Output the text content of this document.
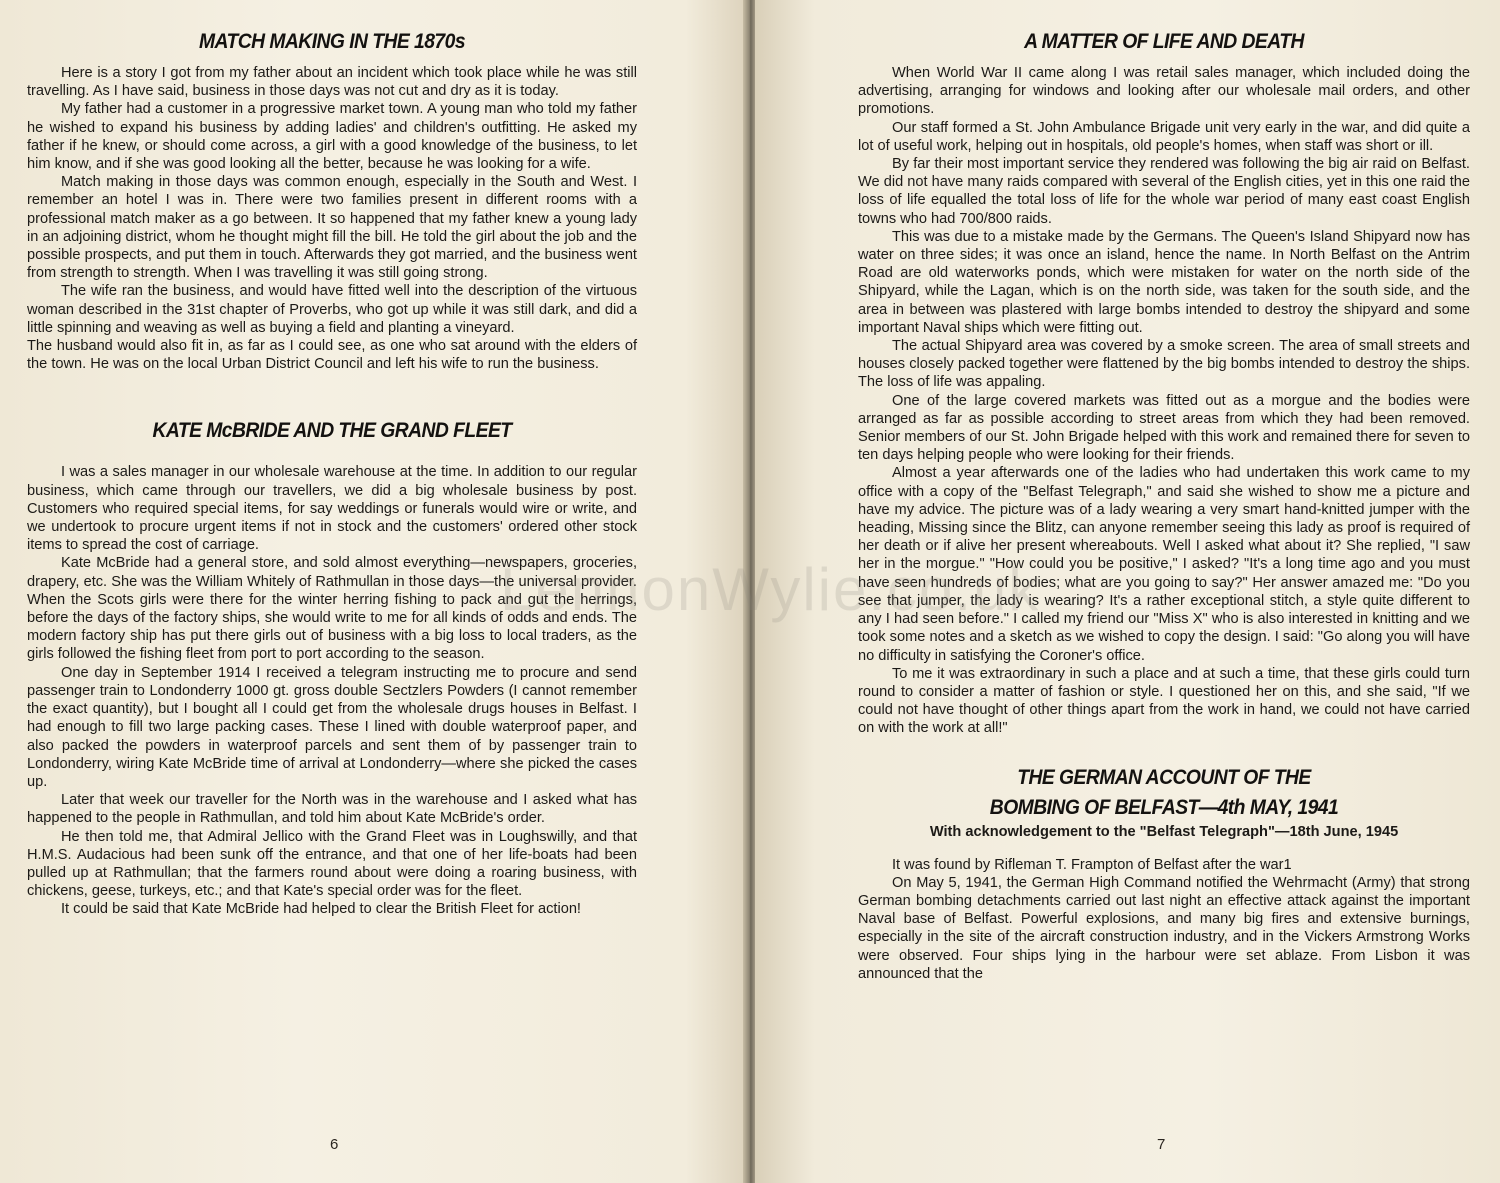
MATCH MAKING IN THE 1870s

Here is a story I got from my father about an incident which took place while he was still travelling. As I have said, business in those days was not cut and dry as it is today.

My father had a customer in a progressive market town. A young man who told my father he wished to expand his business by adding ladies' and children's outfitting. He asked my father if he knew, or should come across, a girl with a good knowledge of the business, to let him know, and if she was good looking all the better, because he was looking for a wife.

Match making in those days was common enough, especially in the South and West. I remember an hotel I was in. There were two families present in different rooms with a professional match maker as a go between. It so happened that my father knew a young lady in an adjoining district, whom he thought might fill the bill. He told the girl about the job and the possible prospects, and put them in touch. Afterwards they got married, and the business went from strength to strength. When I was travelling it was still going strong.

The wife ran the business, and would have fitted well into the description of the virtuous woman described in the 31st chapter of Proverbs, who got up while it was still dark, and did a little spinning and weaving as well as buying a field and planting a vineyard.

The husband would also fit in, as far as I could see, as one who sat around with the elders of the town. He was on the local Urban District Council and left his wife to run the business.

KATE McBRIDE AND THE GRAND FLEET

I was a sales manager in our wholesale warehouse at the time. In addition to our regular business, which came through our travellers, we did a big wholesale business by post. Customers who required special items, for say weddings or funerals would wire or write, and we undertook to procure urgent items if not in stock and the customers' ordered other stock items to spread the cost of carriage.

Kate McBride had a general store, and sold almost everything—newspapers, groceries, drapery, etc. She was the William Whitely of Rathmullan in those days—the universal provider. When the Scots girls were there for the winter herring fishing to pack and gut the herrings, before the days of the factory ships, she would write to me for all kinds of odds and ends. The modern factory ship has put there girls out of business with a big loss to local traders, as the girls followed the fishing fleet from port to port according to the season.

One day in September 1914 I received a telegram instructing me to procure and send passenger train to Londonderry 1000 gt. gross double Sectzlers Powders (I cannot remember the exact quantity), but I bought all I could get from the wholesale drugs houses in Belfast. I had enough to fill two large packing cases. These I lined with double waterproof paper, and also packed the powders in waterproof parcels and sent them of by passenger train to Londonderry, wiring Kate McBride time of arrival at Londonderry—where she picked the cases up.

Later that week our traveller for the North was in the warehouse and I asked what has happened to the people in Rathmullan, and told him about Kate McBride's order.

He then told me, that Admiral Jellico with the Grand Fleet was in Loughswilly, and that H.M.S. Audacious had been sunk off the entrance, and that one of her life-boats had been pulled up at Rathmullan; that the farmers round about were doing a roaring business, with chickens, geese, turkeys, etc.; and that Kate's special order was for the fleet.

It could be said that Kate McBride had helped to clear the British Fleet for action!

6
A MATTER OF LIFE AND DEATH

When World War II came along I was retail sales manager, which included doing the advertising, arranging for windows and looking after our wholesale mail orders, and other promotions.

Our staff formed a St. John Ambulance Brigade unit very early in the war, and did quite a lot of useful work, helping out in hospitals, old people's homes, when staff was short or ill.

By far their most important service they rendered was following the big air raid on Belfast. We did not have many raids compared with several of the English cities, yet in this one raid the loss of life equalled the total loss of life for the whole war period of many east coast English towns who had 700/800 raids.

This was due to a mistake made by the Germans. The Queen's Island Shipyard now has water on three sides; it was once an island, hence the name. In North Belfast on the Antrim Road are old waterworks ponds, which were mistaken for water on the north side of the Shipyard, while the Lagan, which is on the north side, was taken for the south side, and the area in between was plastered with large bombs intended to destroy the shipyard and some important Naval ships which were fitting out.

The actual Shipyard area was covered by a smoke screen. The area of small streets and houses closely packed together were flattened by the big bombs intended to destroy the ships. The loss of life was appaling.

One of the large covered markets was fitted out as a morgue and the bodies were arranged as far as possible according to street areas from which they had been removed. Senior members of our St. John Brigade helped with this work and remained there for seven to ten days helping people who were looking for their friends.

Almost a year afterwards one of the ladies who had undertaken this work came to my office with a copy of the "Belfast Telegraph," and said she wished to show me a picture and have my advice. The picture was of a lady wearing a very smart hand-knitted jumper with the heading, Missing since the Blitz, can anyone remember seeing this lady as proof is required of her death or if alive her present whereabouts. Well I asked what about it? She replied, "I saw her in the morgue." "How could you be positive," I asked? "It's a long time ago and you must have seen hundreds of bodies; what are you going to say?" Her answer amazed me: "Do you see that jumper, the lady is wearing? It's a rather exceptional stitch, a style quite different to any I had seen before." I called my friend our "Miss X" who is also interested in knitting and we took some notes and a sketch as we wished to copy the design. I said: "Go along you will have no difficulty in satisfying the Coroner's office.

To me it was extraordinary in such a place and at such a time, that these girls could turn round to consider a matter of fashion or style. I questioned her on this, and she said, "If we could not have thought of other things apart from the work in hand, we could not have carried on with the work at all!"

THE GERMAN ACCOUNT OF THE
BOMBING OF BELFAST—4th MAY, 1941
With acknowledgement to the "Belfast Telegraph"—18th June, 1945

It was found by Rifleman T. Frampton of Belfast after the war1

On May 5, 1941, the German High Command notified the Wehrmacht (Army) that strong German bombing detachments carried out last night an effective attack against the important Naval base of Belfast. Powerful explosions, and many big fires and extensive burnings, especially in the site of the aircraft construction industry, and in the Vickers Armstrong Works were observed. Four ships lying in the harbour were set ablaze. From Lisbon it was announced that the

7
LennonWylie.co.uk
